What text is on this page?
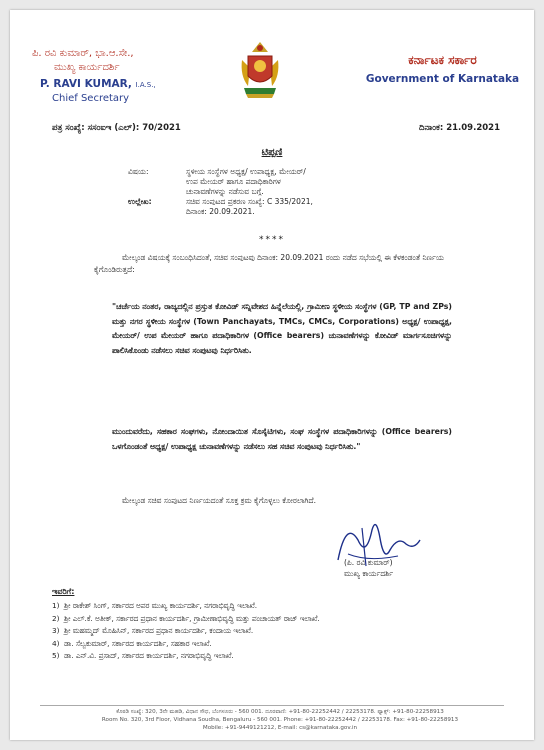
ಪಿ. ರವಿ ಕುಮಾರ್, ಭಾ.ಆ.ಸೇ.,
ಮುಖ್ಯ ಕಾರ್ಯದರ್ಶಿ
P. RAVI KUMAR, I.A.S.,
Chief Secretary
ಕರ್ನಾಟಕ ಸರ್ಕಾರ
Government of Karnataka
ಪತ್ರ ಸಂಖ್ಯೆ: ಸಸಂಐಇ (ಎಲ್): 70/2021	ದಿನಾಂಕ: 21.09.2021
ಟಿಪ್ಪಣಿ
ವಿಷಯ:	ಸ್ಥಳೀಯ ಸಂಸ್ಥೆಗಳ ಅಧ್ಯಕ್ಷ/ ಉಪಾಧ್ಯಕ್ಷ, ಮೇಯರ್/
ಉಪ ಮೇಯರ್ ಹಾಗೂ ಪದಾಧಿಕಾರಿಗಳ
ಚುನಾವಣೆಗಳನ್ನು ನಡೆಸುವ ಬಗ್ಗೆ.
ಉಲ್ಲೇಖ:	ಸಚಿವ ಸಂಪುಟದ ಪ್ರಕರಣ ಸಂಖ್ಯೆ: C 335/2021,
ದಿನಾಂಕ: 20.09.2021.
****
ಮೇಲ್ಕಂಡ ವಿಷಯಕ್ಕೆ ಸಂಬಂಧಿಸಿದಂತೆ, ಸಚಿವ ಸಂಪುಟವು ದಿನಾಂಕ: 20.09.2021 ರಂದು ನಡೆದ ಸಭೆಯಲ್ಲಿ ಈ ಕೆಳಕಂಡಂತೆ ನಿರ್ಣಯ ಕೈಗೊಂಡಿರುತ್ತದೆ:
"ಚರ್ಚೆಯ ನಂತರ, ರಾಜ್ಯದಲ್ಲಿನ ಪ್ರಸ್ತುತ ಕೋವಿಡ್ ಸನ್ನಿವೇಶದ ಹಿನ್ನೆಲೆಯಲ್ಲಿ, ಗ್ರಾಮೀಣ ಸ್ಥಳೀಯ ಸಂಸ್ಥೆಗಳ (GP, TP and ZPs) ಮತ್ತು ನಗರ ಸ್ಥಳೀಯ ಸಂಸ್ಥೆಗಳ (Town Panchayats, TMCs, CMCs, Corporations) ಅಧ್ಯಕ್ಷ/ ಉಪಾಧ್ಯಕ್ಷ, ಮೇಯರ್/ ಉಪ ಮೇಯರ್ ಹಾಗೂ ಪದಾಧಿಕಾರಿಗಳ (Office bearers) ಚುನಾವಣೆಗಳನ್ನು ಕೋವಿಡ್ ಮಾರ್ಗಸೂಚಿಗಳನ್ನು ಪಾಲಿಸಿಕೊಂಡು ನಡೆಸಲು ಸಚಿವ ಸಂಪುಟವು ನಿರ್ಧರಿಸಿತು.
ಮುಂದುವರೆದು, ಸಹಕಾರ ಸಂಘಗಳು, ನೋಂದಾಯಿತ ಸೊಸೈಟಿಗಳು, ಸಂಘ ಸಂಸ್ಥೆಗಳ ಪದಾಧಿಕಾರಿಗಳನ್ನು (Office bearers) ಒಳಗೊಂಡಂತೆ ಅಧ್ಯಕ್ಷ/ ಉಪಾಧ್ಯಕ್ಷ ಚುನಾವಣೆಗಳನ್ನು ನಡೆಸಲು ಸಹ ಸಚಿವ ಸಂಪುಟವು ನಿರ್ಧರಿಸಿತು."
ಮೇಲ್ಕಂಡ ಸಚಿವ ಸಂಪುಟದ ನಿರ್ಣಯದಂತೆ ಸೂಕ್ತ ಕ್ರಮ ಕೈಗೊಳ್ಳಲು ಕೋರಲಾಗಿದೆ.
(ಪಿ. ರವಿ ಕುಮಾರ್)
ಮುಖ್ಯ ಕಾರ್ಯದರ್ಶಿ
ಇವರಿಗೆ:
1) ಶ್ರೀ ರಾಕೇಶ್ ಸಿಂಗ್, ಸರ್ಕಾರದ ಅಪರ ಮುಖ್ಯ ಕಾರ್ಯದರ್ಶಿ, ನಗರಾಭಿವೃದ್ಧಿ ಇಲಾಖೆ.
2) ಶ್ರೀ ಎಲ್.ಕೆ. ಅತೀಕ್, ಸರ್ಕಾರದ ಪ್ರಧಾನ ಕಾರ್ಯದರ್ಶಿ, ಗ್ರಾಮೀಣಾಭಿವೃದ್ಧಿ ಮತ್ತು ಪಂಚಾಯತ್ ರಾಜ್ ಇಲಾಖೆ.
3) ಶ್ರೀ ಮಹಮ್ಮದ್ ಮೊಹಿಸಿನ್, ಸರ್ಕಾರದ ಪ್ರಧಾನ ಕಾರ್ಯದರ್ಶಿ, ಕಂದಾಯ ಇಲಾಖೆ.
4) ಡಾ. ಸೆಲ್ವಕುಮಾರ್, ಸರ್ಕಾರದ ಕಾರ್ಯದರ್ಶಿ, ಸಹಕಾರ ಇಲಾಖೆ.
5) ಡಾ. ಎನ್.ವಿ. ಪ್ರಸಾದ್, ಸರ್ಕಾರದ ಕಾರ್ಯದರ್ಶಿ, ನಗರಾಭಿವೃದ್ಧಿ ಇಲಾಖೆ.
ಕೊಠಡಿ ಸಂಖ್ಯೆ: 320, 3ನೇ ಮಹಡಿ, ವಿಧಾನ ಸೌಧ, ಬೆಂಗಳೂರು - 560 001. ದೂರವಾಣಿ: +91-80-22252442 / 22253178. ಫ್ಯಾಕ್ಸ್: +91-80-22258913
Room No. 320, 3rd Floor, Vidhana Soudha, Bengaluru - 560 001. Phone: +91-80-22252442 / 22253178. Fax: +91-80-22258913
Mobile: +91-9449121212, E-mail: cs@karnataka.gov.in
